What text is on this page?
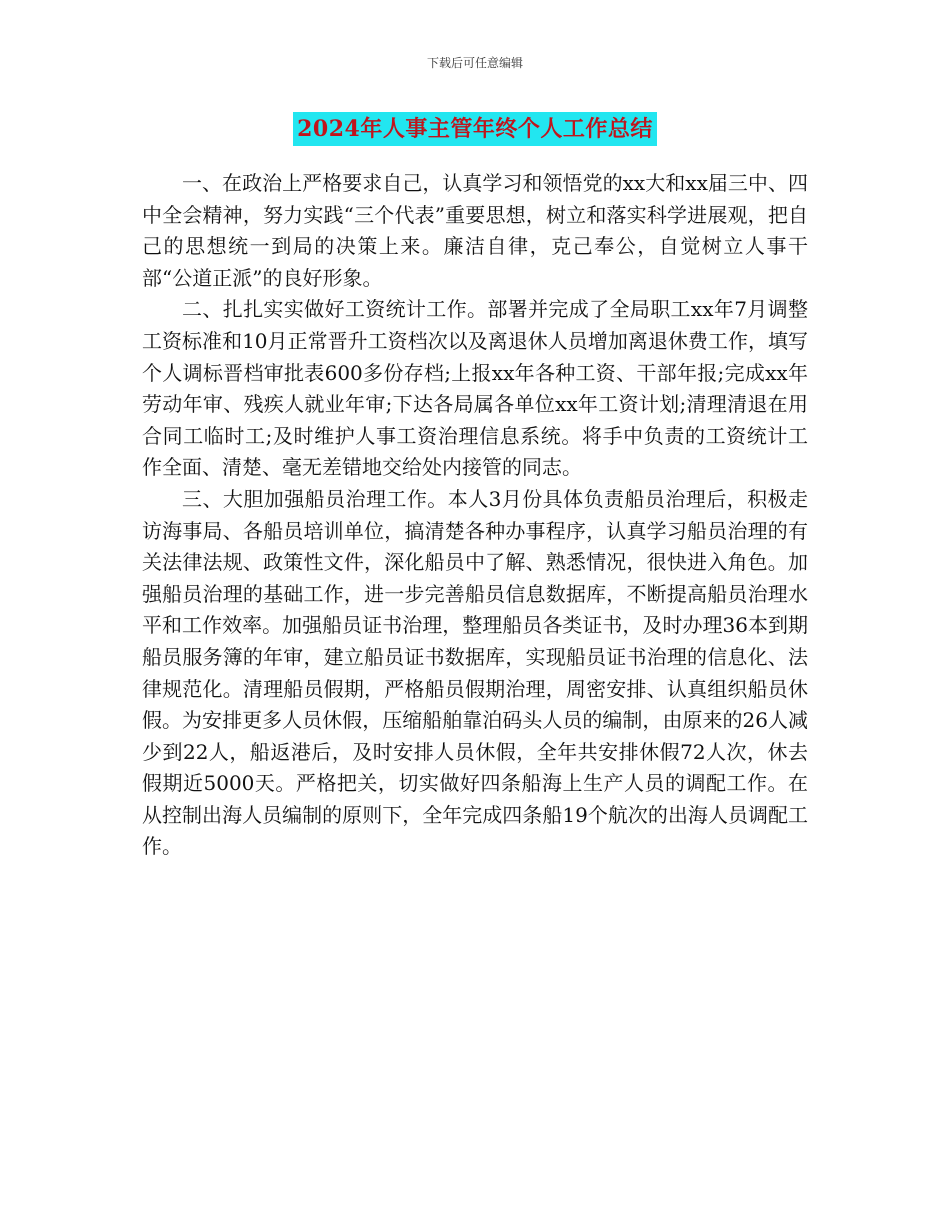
下载后可任意编辑
2024年人事主管年终个人工作总结

一、在政治上严格要求自己，认真学习和领悟党的xx大和xx届三中、四中全会精神，努力实践“三个代表”重要思想，树立和落实科学进展观，把自己的思想统一到局的决策上来。廉洁自律，克己奉公，自觉树立人事干部“公道正派”的良好形象。

二、扎扎实实做好工资统计工作。部署并完成了全局职工xx年7月调整工资标准和10月正常晋升工资档次以及离退休人员增加离退休费工作，填写个人调标晋档审批表600多份存档;上报xx年各种工资、干部年报;完成xx年劳动年审、残疾人就业年审;下达各局属各单位xx年工资计划;清理清退在用合同工临时工;及时维护人事工资治理信息系统。将手中负责的工资统计工作全面、清楚、毫无差错地交给处内接管的同志。

三、大胆加强船员治理工作。本人3月份具体负责船员治理后，积极走访海事局、各船员培训单位，搞清楚各种办事程序，认真学习船员治理的有关法律法规、政策性文件，深化船员中了解、熟悉情况，很快进入角色。加强船员治理的基础工作，进一步完善船员信息数据库，不断提高船员治理水平和工作效率。加强船员证书治理，整理船员各类证书，及时办理36本到期船员服务簿的年审，建立船员证书数据库，实现船员证书治理的信息化、法律规范化。清理船员假期，严格船员假期治理，周密安排、认真组织船员休假。为安排更多人员休假，压缩船舶靠泊码头人员的编制，由原来的26人减少到22人，船返港后，及时安排人员休假，全年共安排休假72人次，休去假期近5000天。严格把关，切实做好四条船海上生产人员的调配工作。在从控制出海人员编制的原则下，全年完成四条船19个航次的出海人员调配工作。
